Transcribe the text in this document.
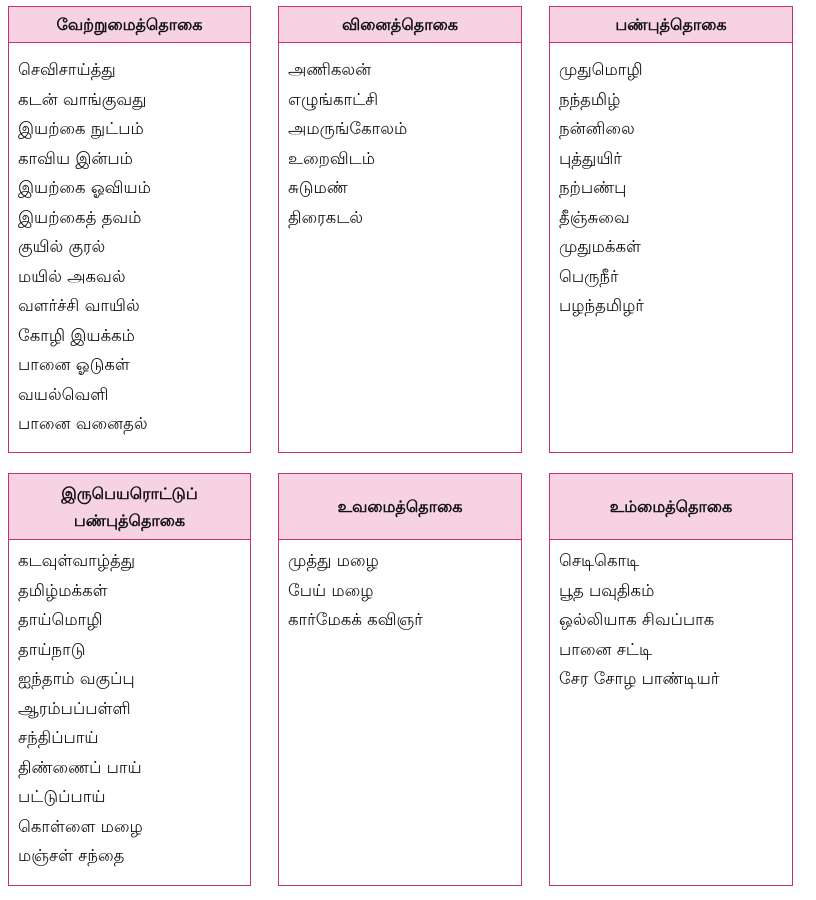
வேற்றுமைத்தொகை
செவிசாய்த்து
கடன் வாங்குவது
இயற்கை நுட்பம்
காவிய இன்பம்
இயற்கை ஓவியம்
இயற்கைத் தவம்
குயில் குரல்
மயில் அகவல்
வளர்ச்சி வாயில்
கோழி இயக்கம்
பானை ஓடுகள்
வயல்வெளி
பானை வனைதல்
வினைத்தொகை
அணிகலன்
எழுங்காட்சி
அமருங்கோலம்
உறைவிடம்
சுடுமண்
திரைகடல்
பண்புத்தொகை
முதுமொழி
நந்தமிழ்
நன்னிலை
புத்துயிர்
நற்பண்பு
தீஞ்சுவை
முதுமக்கள்
பெருநீர்
பழந்தமிழர்
இருபெயரொட்டுப்
பண்புத்தொகை
கடவுள்வாழ்த்து
தமிழ்மக்கள்
தாய்மொழி
தாய்நாடு
ஐந்தாம் வகுப்பு
ஆரம்பப்பள்ளி
சந்திப்பாய்
திண்ணைப் பாய்
பட்டுப்பாய்
கொள்ளை மழை
மஞ்சள் சந்தை
உவமைத்தொகை
முத்து மழை
பேய் மழை
கார்மேகக் கவிஞர்
உம்மைத்தொகை
செடிகொடி
பூத பவுதிகம்
ஒல்லியாக சிவப்பாக
பானை சட்டி
சேர சோழ பாண்டியர்
